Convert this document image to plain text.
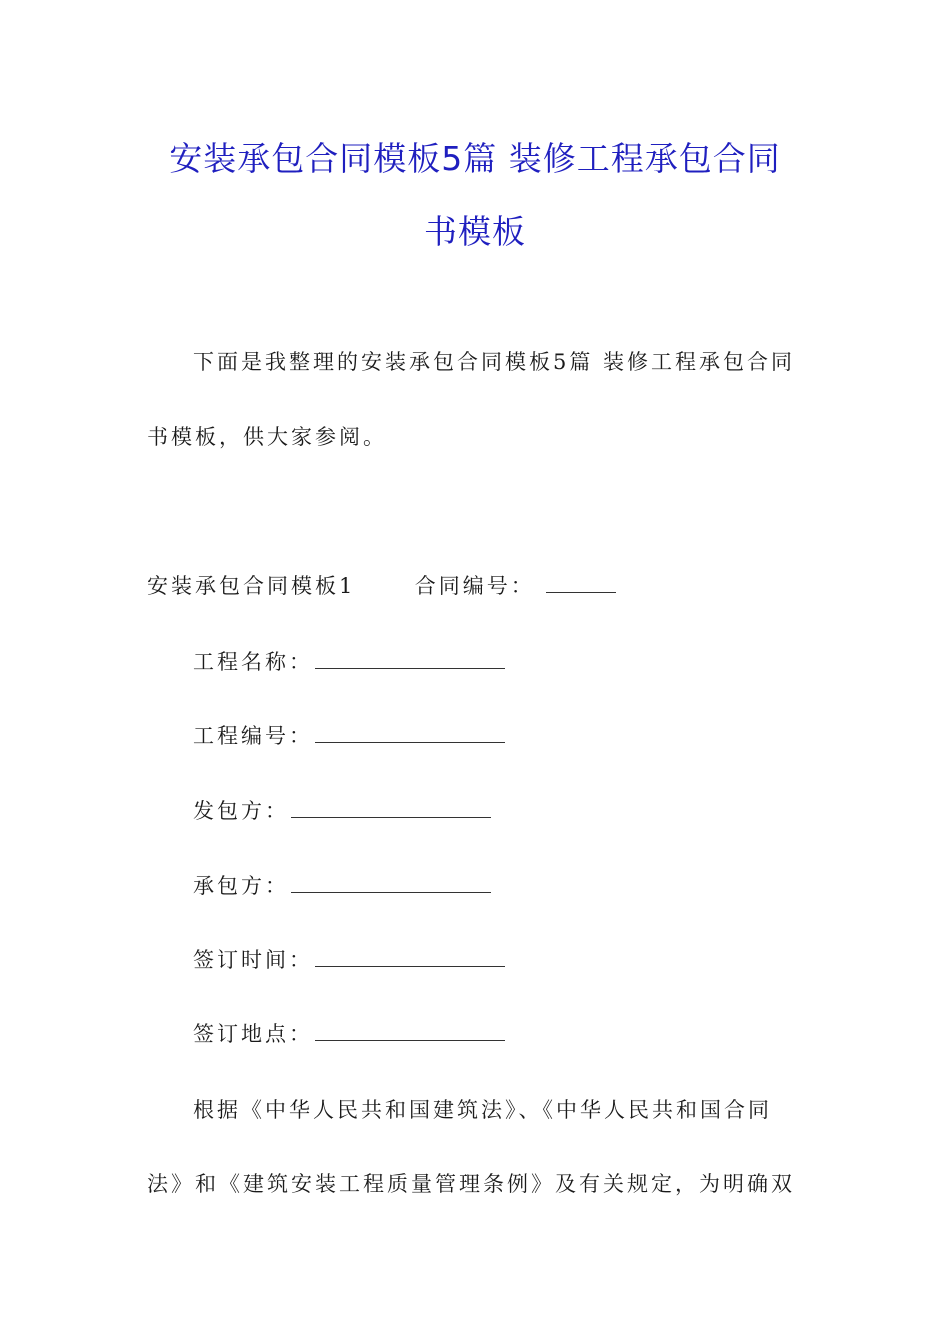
安装承包合同模板5篇 装修工程承包合同
书模板
下面是我整理的安装承包合同模板5篇 装修工程承包合同
书模板，供大家参阅。
安装承包合同模板1	合同编号：
工程名称：
工程编号：
发包方：
承包方：
签订时间：
签订地点：
根据《中华人民共和国建筑法》、《中华人民共和国合同
法》和《建筑安装工程质量管理条例》及有关规定，为明确双
